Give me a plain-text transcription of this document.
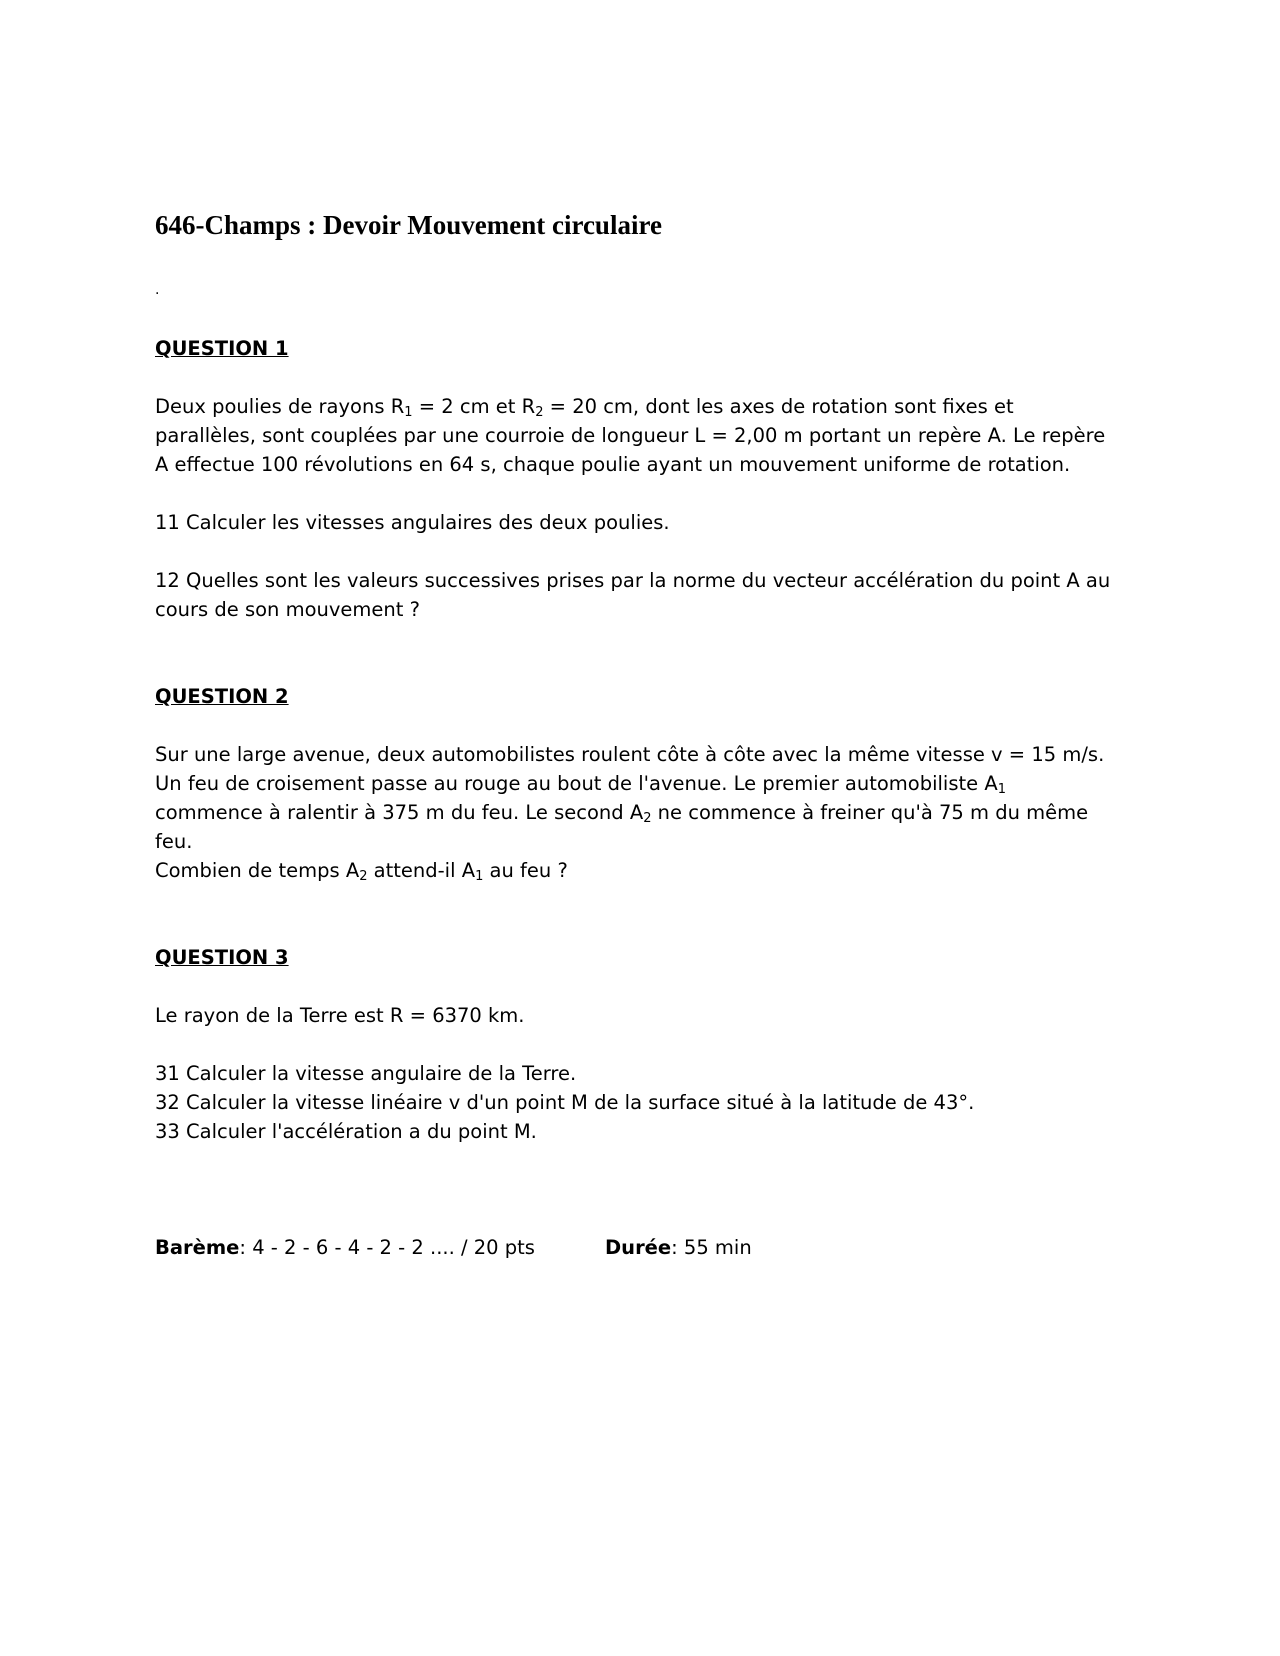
646-Champs : Devoir Mouvement circulaire
.
QUESTION 1

Deux poulies de rayons $R_1 = 2$ cm et $R_2 = 20$ cm, dont les axes de rotation sont fixes et parallèles, sont couplées par une courroie de longueur L = 2,00 m portant un repère A. Le repère A effectue 100 révolutions en 64 s, chaque poulie ayant un mouvement uniforme de rotation.

11 Calculer les vitesses angulaires des deux poulies.

12 Quelles sont les valeurs successives prises par la norme du vecteur accélération du point A au cours de son mouvement ?

QUESTION 2

Sur une large avenue, deux automobilistes roulent côte à côte avec la même vitesse v = 15 m/s. Un feu de croisement passe au rouge au bout de l'avenue. Le premier automobiliste $A_1$ commence à ralentir à 375 m du feu. Le second $A_2$ ne commence à freiner qu'à 75 m du même feu.
Combien de temps $A_2$ attend-il $A_1$ au feu ?

QUESTION 3

Le rayon de la Terre est R = 6370 km.

31 Calculer la vitesse angulaire de la Terre.

32 Calculer la vitesse linéaire v d'un point M de la surface situé à la latitude de 43°.

33 Calculer l'accélération a du point M.

Barème: 4 - 2 - 6 - 4 - 2 - 2 .... / 20 pts	Durée: 55 min
